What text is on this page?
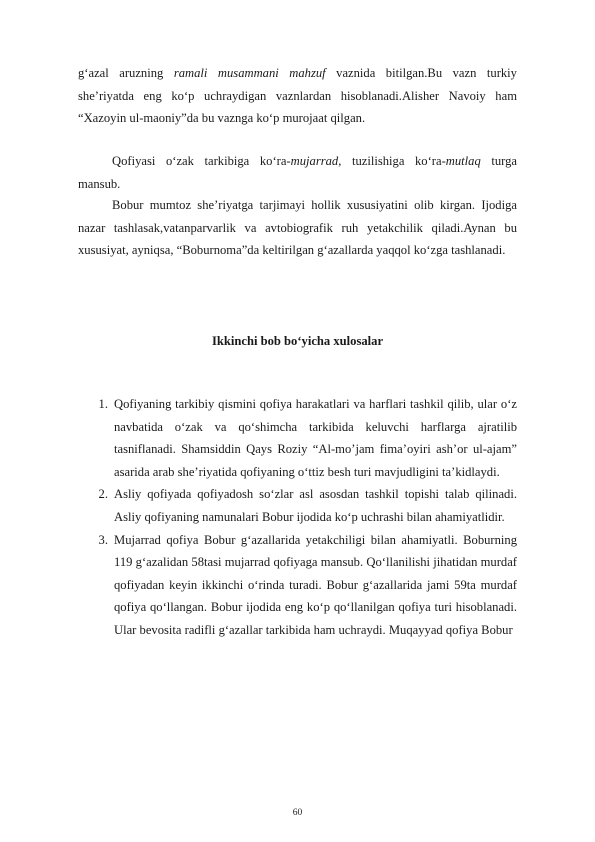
g‘azal aruzning ramali musammani mahzuf vaznida bitilgan.Bu vazn turkiy she’riyatda eng ko‘p uchraydigan vaznlardan hisoblanadi.Alisher Navoiy ham “Xazoyin ul-maoniy”da bu vaznga ko‘p murojaat qilgan.

Qofiyasi o‘zak tarkibiga ko‘ra-mujarrad, tuzilishiga ko‘ra-mutlaq turga mansub.

Bobur mumtoz she’riyatga tarjimayi hollik xususiyatini olib kirgan. Ijodiga nazar tashlasak,vatanparvarlik va avtobiografik ruh yetakchilik qiladi.Aynan bu xususiyat, ayniqsa, “Boburnoma”da keltirilgan g‘azallarda yaqqol ko‘zga tashlanadi.

Ikkinchi bob bo‘yicha xulosalar
1. Qofiyaning tarkibiy qismini qofiya harakatlari va harflari tashkil qilib, ular o‘z navbatida o‘zak va qo‘shimcha tarkibida keluvchi harflarga ajratilib tasniflanadi. Shamsiddin Qays Roziy “Al-mo’jam fima’oyiri ash’or ul-ajam” asarida arab she’riyatida qofiyaning o‘ttiz besh turi mavjudligini ta’kidlaydi.
2. Asliy qofiyada qofiyadosh so‘zlar asl asosdan tashkil topishi talab qilinadi. Asliy qofiyaning namunalari Bobur ijodida ko‘p uchrashi bilan ahamiyatlidir.
3. Mujarrad qofiya Bobur g‘azallarida yetakchiligi bilan ahamiyatli. Boburning 119 g‘azalidan 58tasi mujarrad qofiyaga mansub. Qo‘llanilishi jihatidan murdaf qofiyadan keyin ikkinchi o‘rinda turadi. Bobur g‘azallarida jami 59ta murdaf qofiya qo‘llangan. Bobur ijodida eng ko‘p qo‘llanilgan qofiya turi hisoblanadi. Ular bevosita radifli g‘azallar tarkibida ham uchraydi. Muqayyad qofiya Bobur
60
